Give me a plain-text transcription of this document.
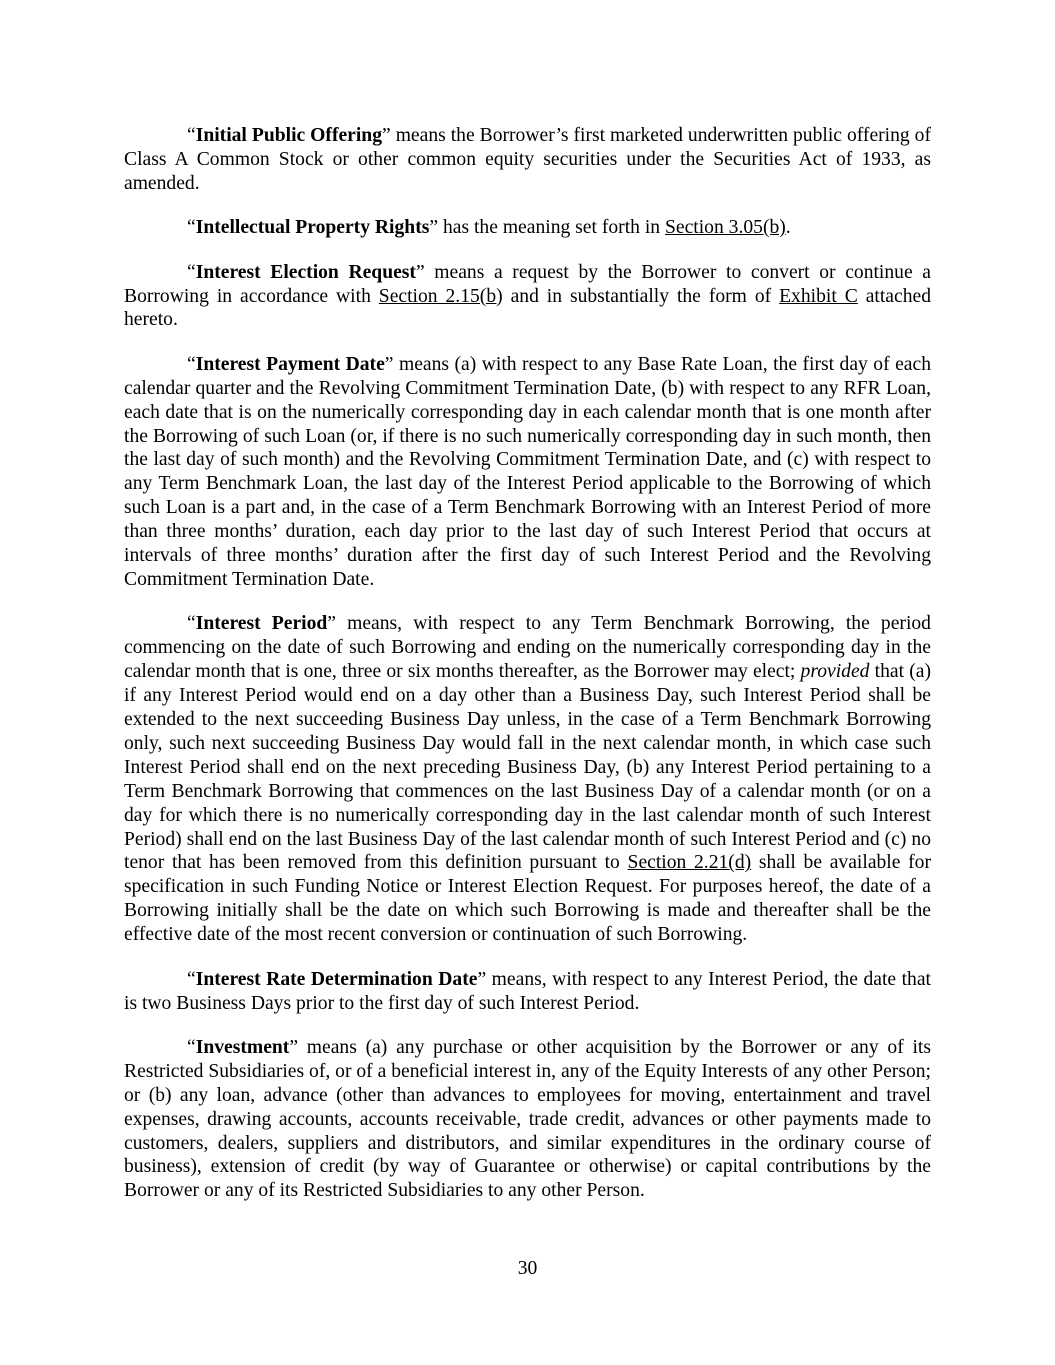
“Initial Public Offering” means the Borrower’s first marketed underwritten public offering of Class A Common Stock or other common equity securities under the Securities Act of 1933, as amended.

“Intellectual Property Rights” has the meaning set forth in Section 3.05(b).

“Interest Election Request” means a request by the Borrower to convert or continue a Borrowing in accordance with Section 2.15(b) and in substantially the form of Exhibit C attached hereto.

“Interest Payment Date” means (a) with respect to any Base Rate Loan, the first day of each calendar quarter and the Revolving Commitment Termination Date, (b) with respect to any RFR Loan, each date that is on the numerically corresponding day in each calendar month that is one month after the Borrowing of such Loan (or, if there is no such numerically corresponding day in such month, then the last day of such month) and the Revolving Commitment Termination Date, and (c) with respect to any Term Benchmark Loan, the last day of the Interest Period applicable to the Borrowing of which such Loan is a part and, in the case of a Term Benchmark Borrowing with an Interest Period of more than three months’ duration, each day prior to the last day of such Interest Period that occurs at intervals of three months’ duration after the first day of such Interest Period and the Revolving Commitment Termination Date.

“Interest Period” means, with respect to any Term Benchmark Borrowing, the period commencing on the date of such Borrowing and ending on the numerically corresponding day in the calendar month that is one, three or six months thereafter, as the Borrower may elect; provided that (a) if any Interest Period would end on a day other than a Business Day, such Interest Period shall be extended to the next succeeding Business Day unless, in the case of a Term Benchmark Borrowing only, such next succeeding Business Day would fall in the next calendar month, in which case such Interest Period shall end on the next preceding Business Day, (b) any Interest Period pertaining to a Term Benchmark Borrowing that commences on the last Business Day of a calendar month (or on a day for which there is no numerically corresponding day in the last calendar month of such Interest Period) shall end on the last Business Day of the last calendar month of such Interest Period and (c) no tenor that has been removed from this definition pursuant to Section 2.21(d) shall be available for specification in such Funding Notice or Interest Election Request. For purposes hereof, the date of a Borrowing initially shall be the date on which such Borrowing is made and thereafter shall be the effective date of the most recent conversion or continuation of such Borrowing.

“Interest Rate Determination Date” means, with respect to any Interest Period, the date that is two Business Days prior to the first day of such Interest Period.

“Investment” means (a) any purchase or other acquisition by the Borrower or any of its Restricted Subsidiaries of, or of a beneficial interest in, any of the Equity Interests of any other Person; or (b) any loan, advance (other than advances to employees for moving, entertainment and travel expenses, drawing accounts, accounts receivable, trade credit, advances or other payments made to customers, dealers, suppliers and distributors, and similar expenditures in the ordinary course of business), extension of credit (by way of Guarantee or otherwise) or capital contributions by the Borrower or any of its Restricted Subsidiaries to any other Person.

30
